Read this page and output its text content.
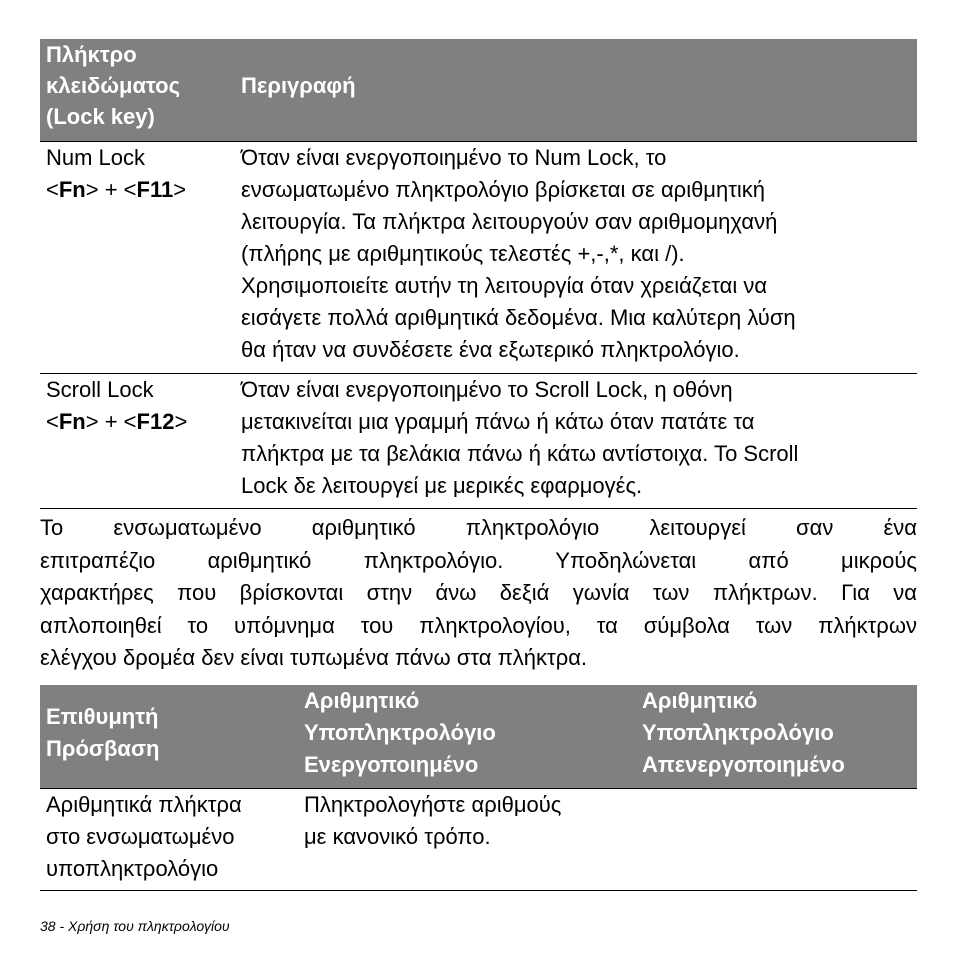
Πλήκτρο
κλειδώματος
(Lock key)
Περιγραφή
Num Lock
<Fn> + <F11>
Όταν είναι ενεργοποιημένο το Num Lock, το
ενσωματωμένο πληκτρολόγιο βρίσκεται σε αριθμητική
λειτουργία. Τα πλήκτρα λειτουργούν σαν αριθμομηχανή
(πλήρης με αριθμητικούς τελεστές +,-,*, και /).
Χρησιμοποιείτε αυτήν τη λειτουργία όταν χρειάζεται να
εισάγετε πολλά αριθμητικά δεδομένα. Μια καλύτερη λύση
θα ήταν να συνδέσετε ένα εξωτερικό πληκτρολόγιο.
Scroll Lock
<Fn> + <F12>
Όταν είναι ενεργοποιημένο το Scroll Lock, η οθόνη
μετακινείται μια γραμμή πάνω ή κάτω όταν πατάτε τα
πλήκτρα με τα βελάκια πάνω ή κάτω αντίστοιχα. Το Scroll
Lock δε λειτουργεί με μερικές εφαρμογές.
Το ενσωματωμένο αριθμητικό πληκτρολόγιο λειτουργεί σαν ένα
επιτραπέζιο αριθμητικό πληκτρολόγιο. Υποδηλώνεται από μικρούς
χαρακτήρες που βρίσκονται στην άνω δεξιά γωνία των πλήκτρων. Για να
απλοποιηθεί το υπόμνημα του πληκτρολογίου, τα σύμβολα των πλήκτρων
ελέγχου δρομέα δεν είναι τυπωμένα πάνω στα πλήκτρα.
Επιθυμητή
Πρόσβαση
Αριθμητικό
Υποπληκτρολόγιο
Ενεργοποιημένο
Αριθμητικό
Υποπληκτρολόγιο
Απενεργοποιημένο
Αριθμητικά πλήκτρα
στο ενσωματωμένο
υποπληκτρολόγιο
Πληκτρολογήστε αριθμούς
με κανονικό τρόπο.
38 - Χρήση του πληκτρολογίου
